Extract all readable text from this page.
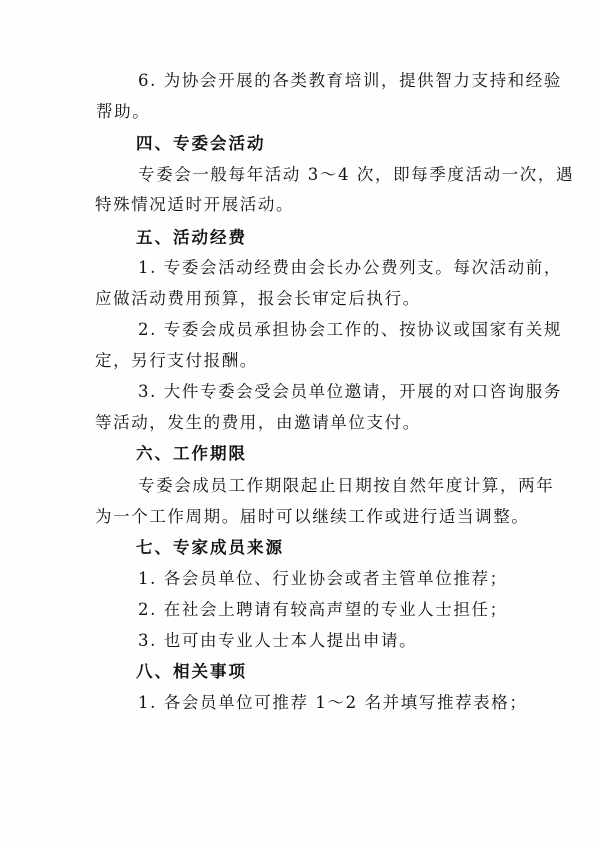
6. 为协会开展的各类教育培训，提供智力支持和经验
帮助。
四、专委会活动
专委会一般每年活动 3～4 次，即每季度活动一次，遇
特殊情况适时开展活动。
五、活动经费
1. 专委会活动经费由会长办公费列支。每次活动前，
应做活动费用预算，报会长审定后执行。
2. 专委会成员承担协会工作的、按协议或国家有关规
定，另行支付报酬。
3. 大件专委会受会员单位邀请，开展的对口咨询服务
等活动，发生的费用，由邀请单位支付。
六、工作期限
专委会成员工作期限起止日期按自然年度计算，两年
为一个工作周期。届时可以继续工作或进行适当调整。
七、专家成员来源
1. 各会员单位、行业协会或者主管单位推荐；
2. 在社会上聘请有较高声望的专业人士担任；
3. 也可由专业人士本人提出申请。
八、相关事项
1. 各会员单位可推荐 1～2 名并填写推荐表格；
